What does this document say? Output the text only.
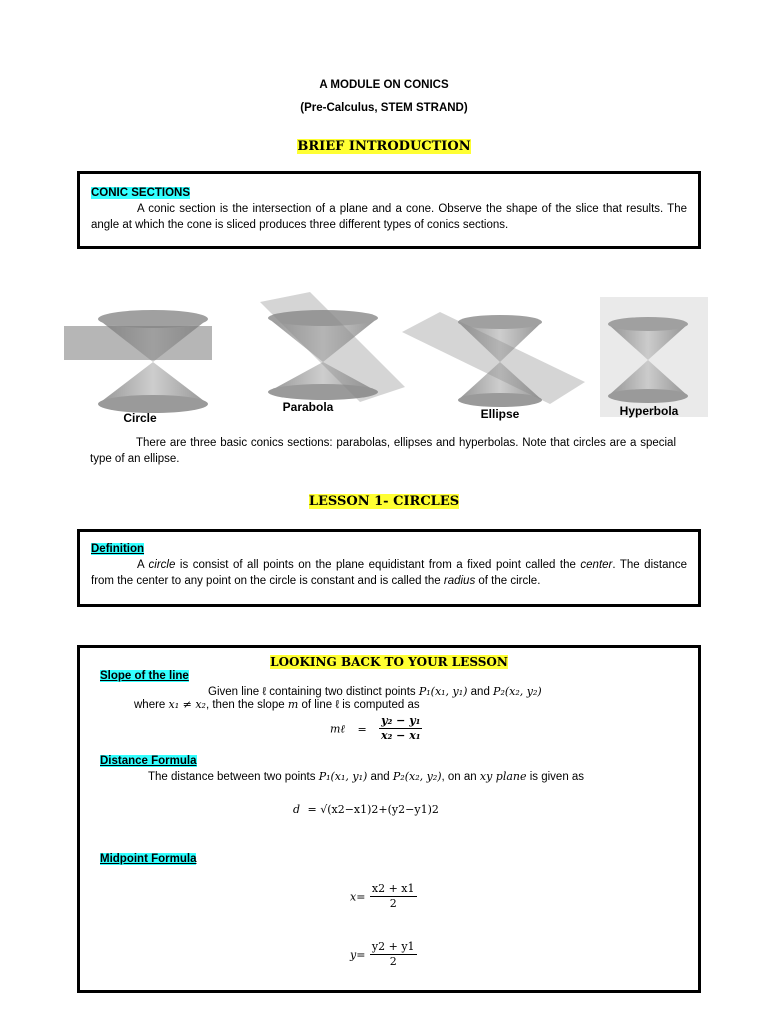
A MODULE ON CONICS
(Pre-Calculus, STEM STRAND)
BRIEF INTRODUCTION
CONIC SECTIONS
A conic section is the intersection of a plane and a cone. Observe the shape of the slice that results. The angle at which the cone is sliced produces three different types of conics sections.
Circle
Parabola	Ellipse	Hyperbola
There are three basic conics sections: parabolas, ellipses and hyperbolas. Note that circles are a special type of an ellipse.
LESSON 1- CIRCLES
Definition
A circle is consist of all points on the plane equidistant from a fixed point called the center. The distance from the center to any point on the circle is constant and is called the radius of the circle.
LOOKING BACK TO YOUR LESSON
Slope of the line
Given line ℓ containing two distinct points P₁(x₁, y₁) and P₂(x₂, y₂)
where x₁ ≠ x₂, then the slope m of line ℓ is computed as
mℓ = $\frac{\text{y₂ − y₁}}{\text{x₂ − x₁}}$
Distance Formula
The distance between two points P₁(x₁, y₁) and P₂(x₂, y₂), on an xy plane is given as
d = √(x2−x1)2+(y2−y1)2
Midpoint Formula
$x= \frac{x2 + x1}{2}$
$y= \frac{y2 + y1}{2}$
